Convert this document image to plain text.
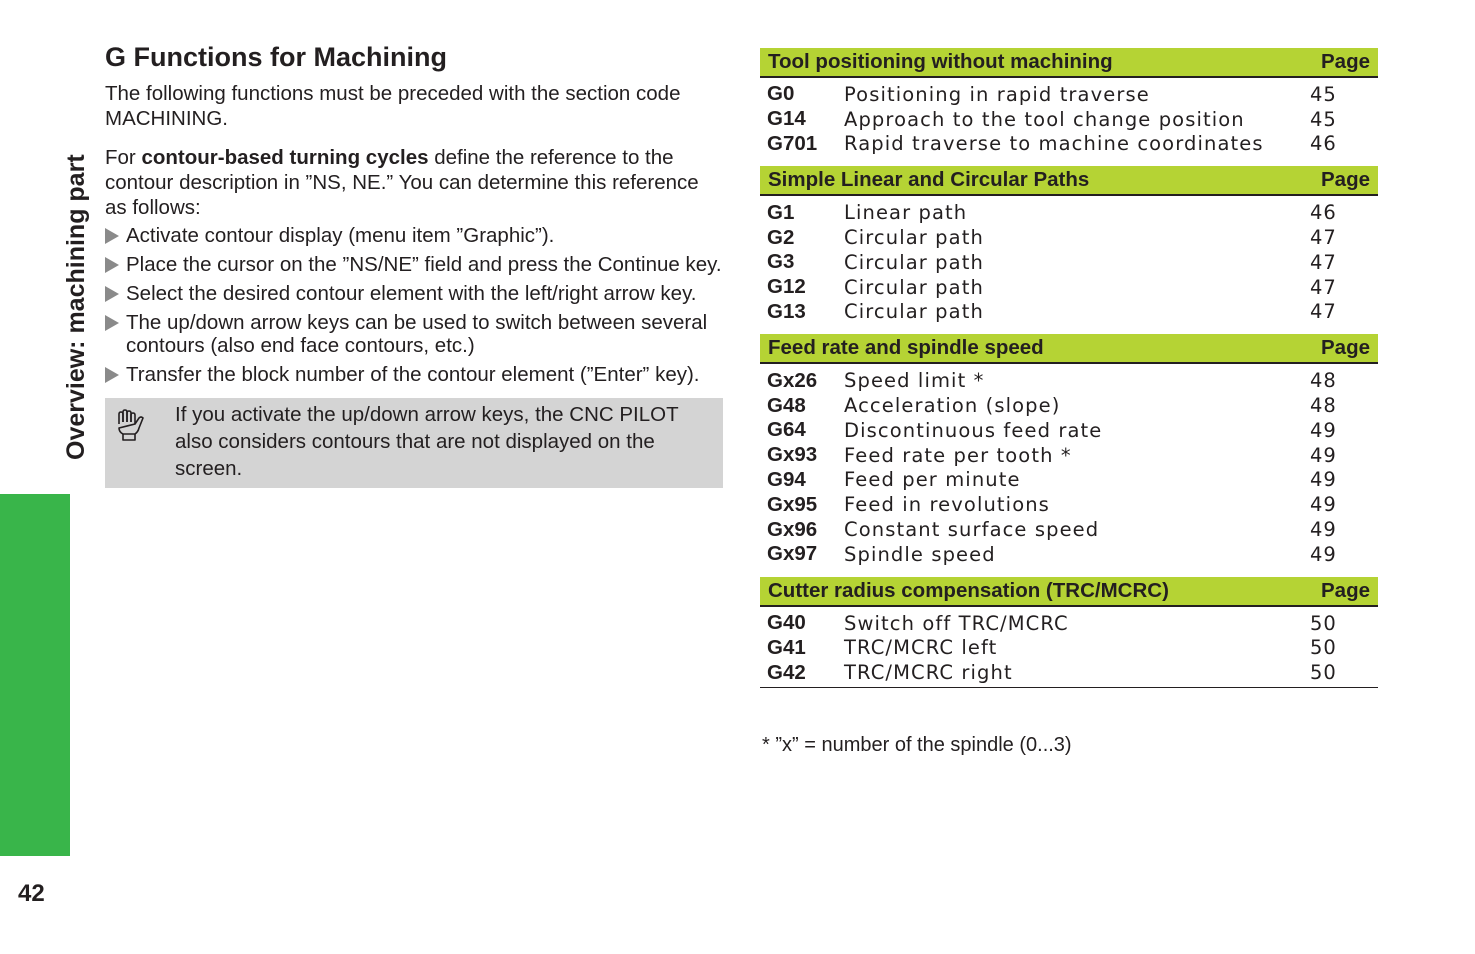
Overview: machining part
42
G Functions for Machining

The following functions must be preceded with the section code MACHINING.

For contour-based turning cycles define the reference to the contour description in ”NS, NE.” You can determine this reference as follows:

Activate contour display (menu item ”Graphic”).
Place the cursor on the ”NS/NE” field and press the Continue key.
Select the desired contour element with the left/right arrow key.
The up/down arrow keys can be used to switch between several contours (also end face contours, etc.)
Transfer the block number of the contour element (”Enter” key).
If you activate the up/down arrow keys, the CNC PILOT also considers contours that are not displayed on the screen.
Tool positioning without machining	Page
G0	Positioning in rapid traverse	45
G14	Approach to the tool change position	45
G701	Rapid traverse to machine coordinates	46
Simple Linear and Circular Paths	Page
G1	Linear path	46
G2	Circular path	47
G3	Circular path	47
G12	Circular path	47
G13	Circular path	47
Feed rate and spindle speed	Page
Gx26	Speed limit *	48
G48	Acceleration (slope)	48
G64	Discontinuous feed rate	49
Gx93	Feed rate per tooth *	49
G94	Feed per minute	49
Gx95	Feed in revolutions	49
Gx96	Constant surface speed	49
Gx97	Spindle speed	49
Cutter radius compensation (TRC/MCRC)	Page
G40	Switch off TRC/MCRC	50
G41	TRC/MCRC left	50
G42	TRC/MCRC right	50
* ”x” = number of the spindle (0...3)
